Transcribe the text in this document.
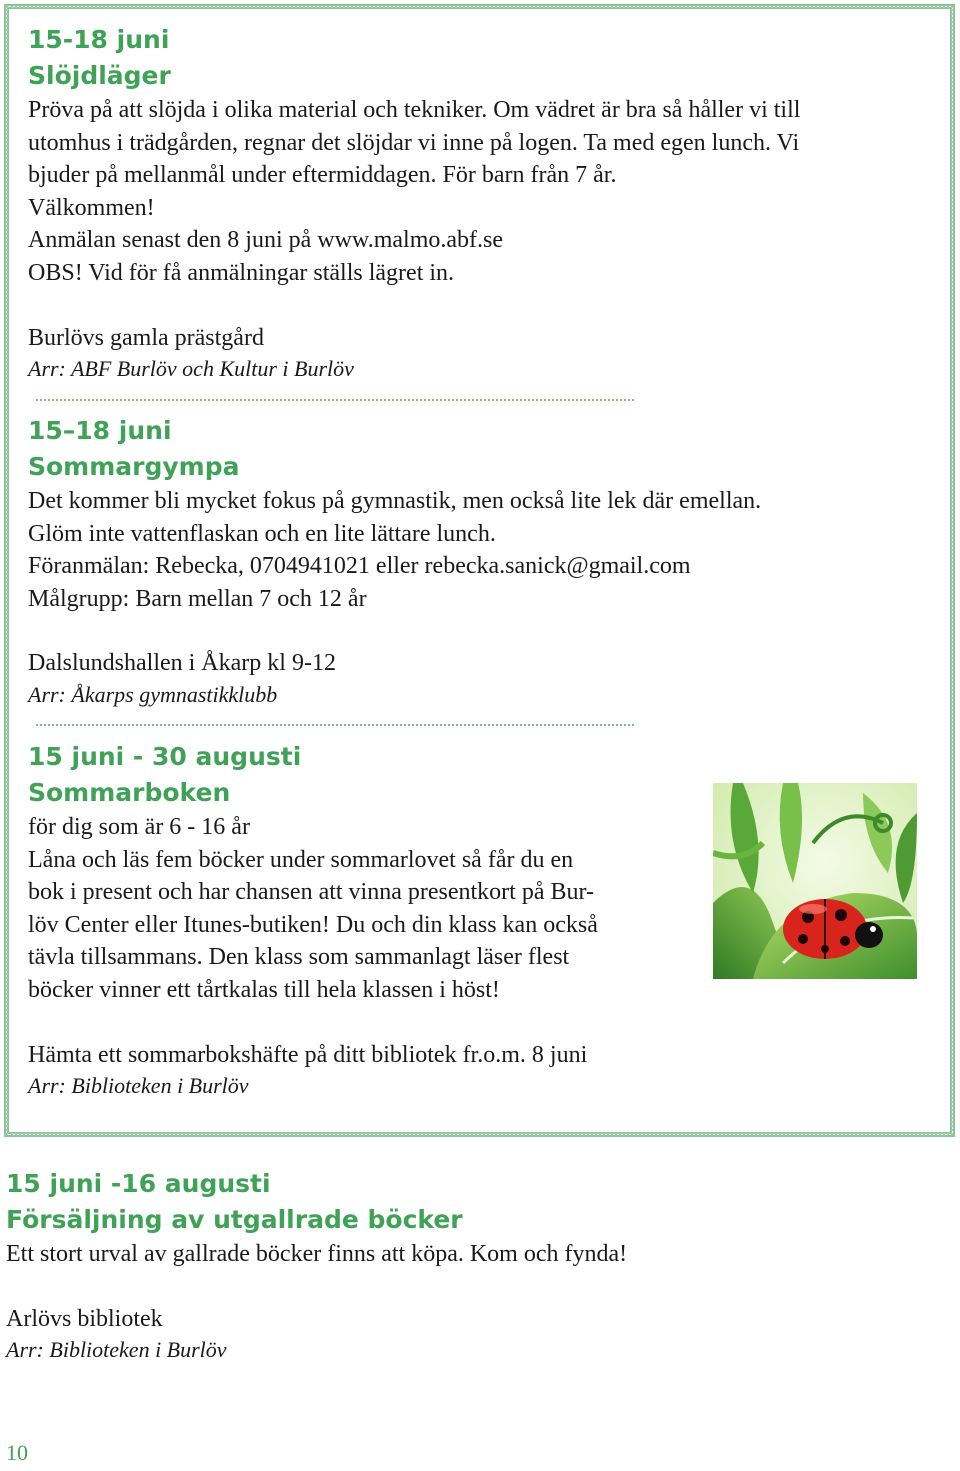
15-18 juni
Slöjdläger
Pröva på att slöjda i olika material och tekniker. Om vädret är bra så håller vi till
utomhus i trädgården, regnar det slöjdar vi inne på logen. Ta med egen lunch. Vi
bjuder på mellanmål under eftermiddagen. För barn från 7 år.
Välkommen!
Anmälan senast den 8 juni på www.malmo.abf.se
OBS! Vid för få anmälningar ställs lägret in.
Burlövs gamla prästgård
Arr: ABF Burlöv och Kultur i Burlöv
15–18 juni
Sommargympa
Det kommer bli mycket fokus på gymnastik, men också lite lek där emellan.
Glöm inte vattenflaskan och en lite lättare lunch.
Föranmälan: Rebecka, 0704941021 eller rebecka.sanick@gmail.com
Målgrupp: Barn mellan 7 och 12 år
Dalslundshallen i Åkarp kl 9-12
Arr: Åkarps gymnastikklubb
15 juni - 30 augusti
Sommarboken
för dig som är 6 - 16 år
Låna och läs fem böcker under sommarlovet så får du en
bok i present och har chansen att vinna presentkort på Bur-
löv Center eller Itunes-butiken! Du och din klass kan också
tävla tillsammans. Den klass som sammanlagt läser flest
böcker vinner ett tårtkalas till hela klassen i höst!
Hämta ett sommarbokshäfte på ditt bibliotek fr.o.m. 8 juni
Arr: Biblioteken i Burlöv
15 juni -16 augusti
Försäljning av utgallrade böcker
Ett stort urval av gallrade böcker finns att köpa. Kom och fynda!
Arlövs bibliotek
Arr: Biblioteken i Burlöv
10
